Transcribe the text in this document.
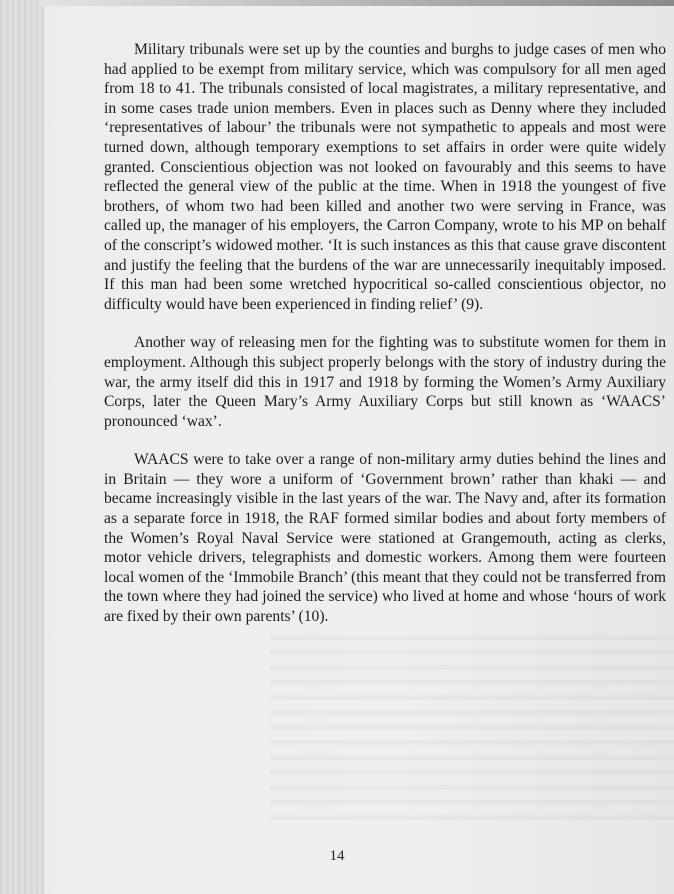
Military tribunals were set up by the counties and burghs to judge cases of men who had applied to be exempt from military service, which was compulsory for all men aged from 18 to 41. The tribunals consisted of local magistrates, a military representative, and in some cases trade union members. Even in places such as Denny where they included ‘representatives of labour’ the tribunals were not sympathetic to appeals and most were turned down, although temporary exemptions to set affairs in order were quite widely granted. Conscientious objection was not looked on favourably and this seems to have reflected the general view of the public at the time. When in 1918 the youngest of five brothers, of whom two had been killed and another two were serving in France, was called up, the manager of his employers, the Carron Company, wrote to his MP on behalf of the conscript’s widowed mother. ‘It is such instances as this that cause grave discontent and justify the feeling that the burdens of the war are unnecessarily inequitably imposed. If this man had been some wretched hypocritical so-called conscientious objector, no difficulty would have been experienced in finding relief’ (9).

Another way of releasing men for the fighting was to substitute women for them in employment. Although this subject properly belongs with the story of industry during the war, the army itself did this in 1917 and 1918 by forming the Women’s Army Auxiliary Corps, later the Queen Mary’s Army Auxiliary Corps but still known as ‘WAACS’ pronounced ‘wax’.

WAACS were to take over a range of non-military army duties behind the lines and in Britain — they wore a uniform of ‘Government brown’ rather than khaki — and became increasingly visible in the last years of the war. The Navy and, after its formation as a separate force in 1918, the RAF formed similar bodies and about forty members of the Women’s Royal Naval Service were stationed at Grangemouth, acting as clerks, motor vehicle drivers, telegraphists and domestic workers. Among them were fourteen local women of the ‘Immobile Branch’ (this meant that they could not be transferred from the town where they had joined the service) who lived at home and whose ‘hours of work are fixed by their own parents’ (10).

14
